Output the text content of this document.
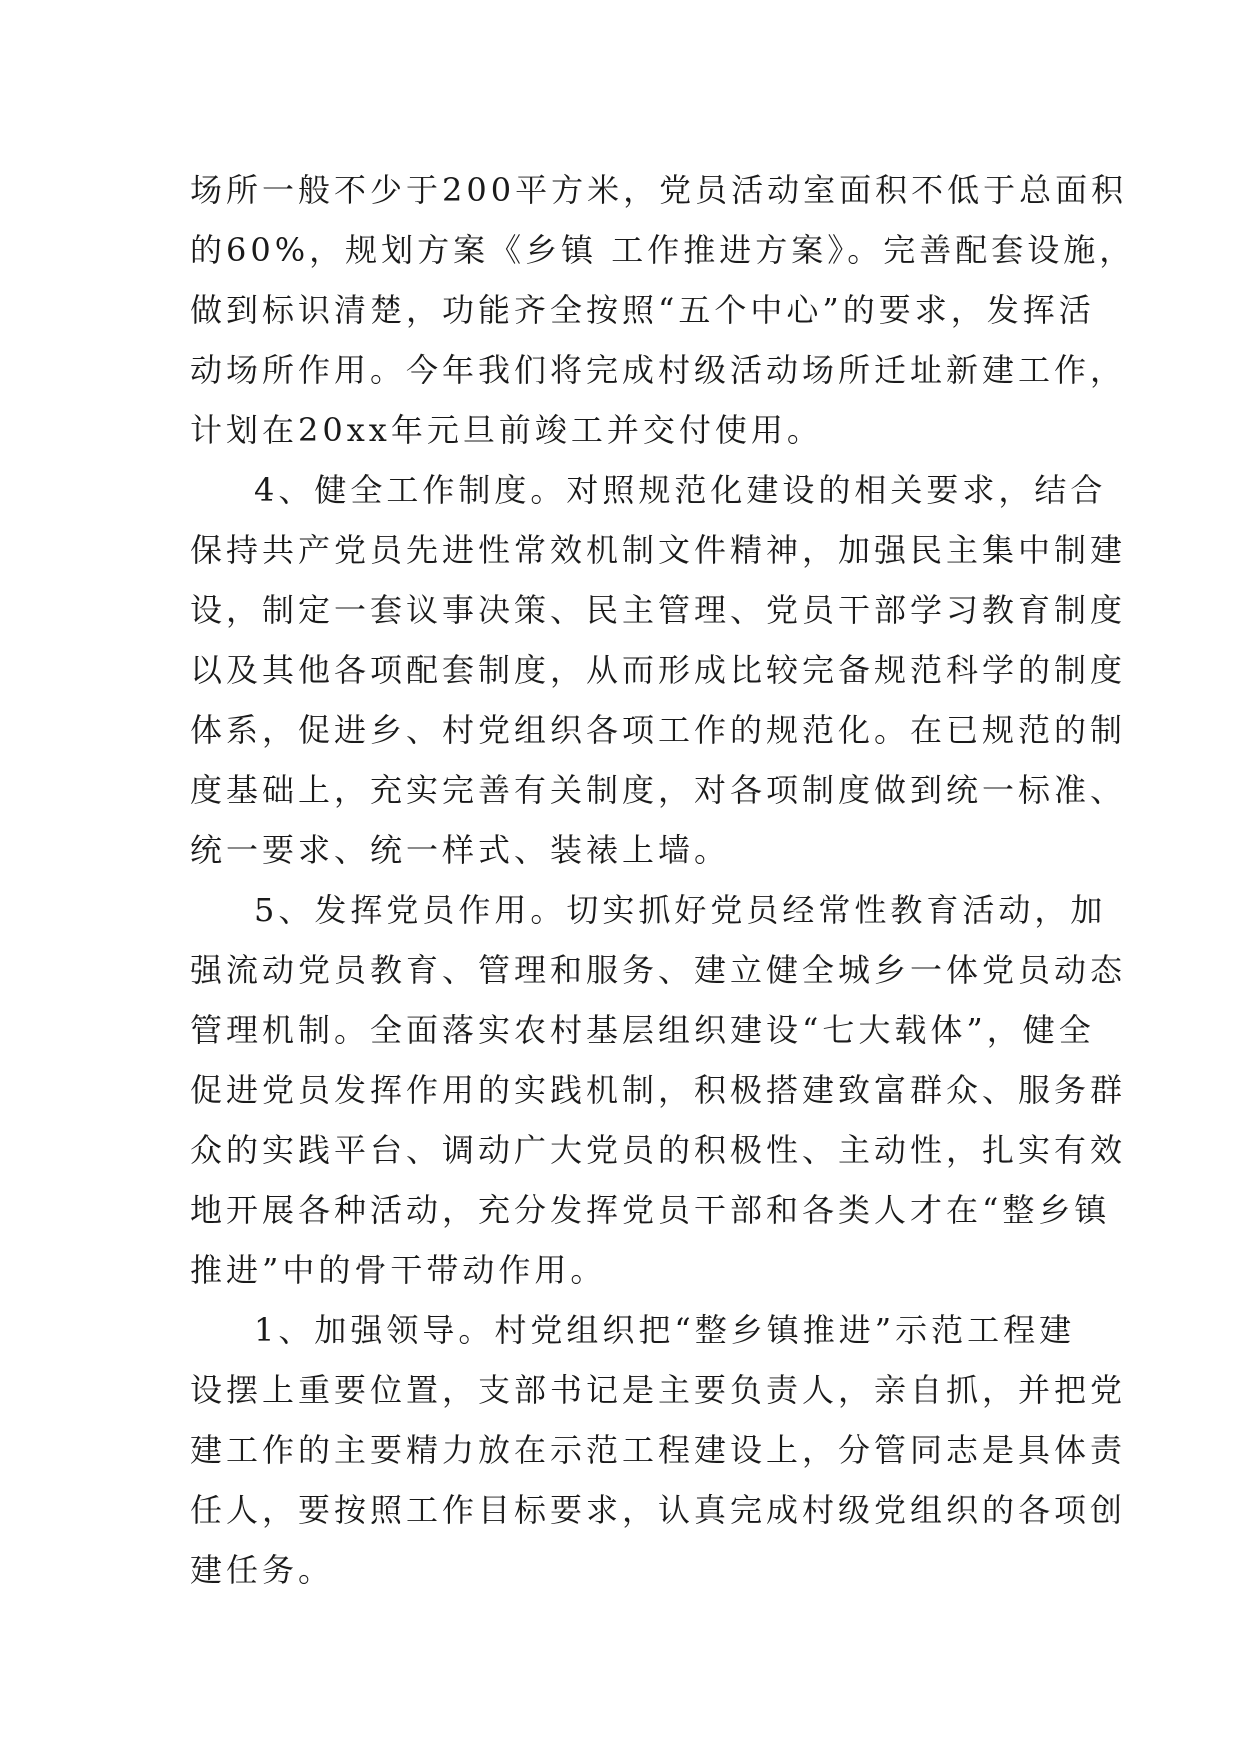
场所一般不少于200平方米，党员活动室面积不低于总面积
的60%，规划方案《乡镇 工作推进方案》。完善配套设施，
做到标识清楚，功能齐全按照“五个中心”的要求，发挥活
动场所作用。今年我们将完成村级活动场所迁址新建工作，
计划在20xx年元旦前竣工并交付使用。
4、健全工作制度。对照规范化建设的相关要求，结合
保持共产党员先进性常效机制文件精神，加强民主集中制建
设，制定一套议事决策、民主管理、党员干部学习教育制度
以及其他各项配套制度，从而形成比较完备规范科学的制度
体系，促进乡、村党组织各项工作的规范化。在已规范的制
度基础上，充实完善有关制度，对各项制度做到统一标准、
统一要求、统一样式、装裱上墙。
5、发挥党员作用。切实抓好党员经常性教育活动，加
强流动党员教育、管理和服务、建立健全城乡一体党员动态
管理机制。全面落实农村基层组织建设“七大载体”，健全
促进党员发挥作用的实践机制，积极搭建致富群众、服务群
众的实践平台、调动广大党员的积极性、主动性，扎实有效
地开展各种活动，充分发挥党员干部和各类人才在“整乡镇
推进”中的骨干带动作用。
1、加强领导。村党组织把“整乡镇推进”示范工程建
设摆上重要位置，支部书记是主要负责人，亲自抓，并把党
建工作的主要精力放在示范工程建设上，分管同志是具体责
任人，要按照工作目标要求，认真完成村级党组织的各项创
建任务。
